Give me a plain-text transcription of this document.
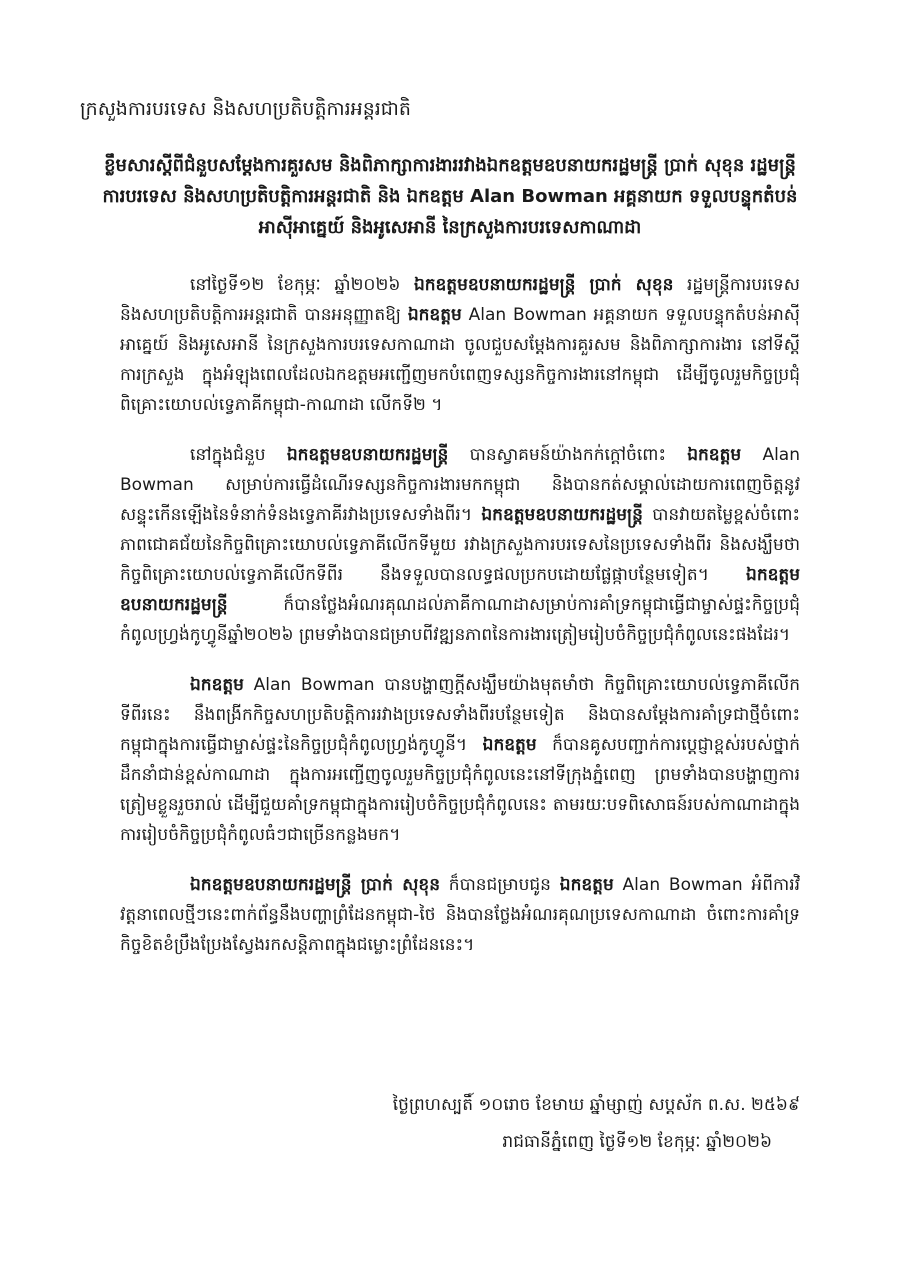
ក្រសួងការបរទេស និងសហប្រតិបត្តិការអន្តរជាតិ

ខ្លឹមសារស្តីពីជំនួបសម្តែងការគួរសម និងពិភាក្សាការងាររវាងឯកឧត្តមឧបនាយករដ្ឋមន្ត្រី ប្រាក់ សុខុន រដ្ឋមន្ត្រីការបរទេស និងសហប្រតិបត្តិការអន្តរជាតិ និង ឯកឧត្តម Alan Bowman អគ្គនាយក ទទួលបន្ទុកតំបន់អាស៊ីអាគ្នេយ៍ និងអូសេអានី នៃក្រសួងការបរទេសកាណាដា

នៅថ្ងៃទី១២ ខែកុម្ភៈ ឆ្នាំ២០២៦ ឯកឧត្តមឧបនាយករដ្ឋមន្ត្រី ប្រាក់ សុខុន រដ្ឋមន្ត្រីការបរទេស និងសហប្រតិបត្តិការអន្តរជាតិ បានអនុញ្ញាតឱ្យ ឯកឧត្តម Alan Bowman អគ្គនាយក ទទួលបន្ទុកតំបន់អាស៊ីអាគ្នេយ៍ និងអូសេអានី នៃក្រសួងការបរទេសកាណាដា ចូលជួបសម្តែងការគួរសម និងពិភាក្សាការងារ នៅទីស្តីការក្រសួង ក្នុងអំឡុងពេលដែលឯកឧត្តមអញ្ជើញមកបំពេញទស្សនកិច្ចការងារនៅកម្ពុជា ដើម្បីចូលរួមកិច្ចប្រជុំពិគ្រោះយោបល់ទ្វេភាគីកម្ពុជា-កាណាដា លើកទី២ ។

នៅក្នុងជំនួប ឯកឧត្តមឧបនាយករដ្ឋមន្ត្រី បានស្វាគមន៍យ៉ាងកក់ក្តៅចំពោះ ឯកឧត្តម Alan Bowman សម្រាប់ការធ្វើដំណើរទស្សនកិច្ចការងារមកកម្ពុជា និងបានកត់សម្គាល់ដោយការពេញចិត្តនូវសន្ទុះកើនឡើងនៃទំនាក់ទំនងទ្វេភាគីរវាងប្រទេសទាំងពីរ។ ឯកឧត្តមឧបនាយករដ្ឋមន្ត្រី បានវាយតម្លៃខ្ពស់ចំពោះភាពជោគជ័យនៃកិច្ចពិគ្រោះយោបល់ទ្វេភាគីលើកទីមួយ រវាងក្រសួងការបរទេសនៃប្រទេសទាំងពីរ និងសង្ឃឹមថា កិច្ចពិគ្រោះយោបល់ទ្វេភាគីលើកទីពីរ នឹងទទួលបានលទ្ធផលប្រកបដោយផ្លែផ្កាបន្ថែមទៀត។ ឯកឧត្តមឧបនាយករដ្ឋមន្ត្រី ក៏បានថ្លែងអំណរគុណដល់ភាគីកាណាដាសម្រាប់ការគាំទ្រកម្ពុជាធ្វើជាម្ចាស់ផ្ទះកិច្ចប្រជុំកំពូលហ្វ្រង់កូហ្វូនីឆ្នាំ២០២៦ ព្រមទាំងបានជម្រាបពីវឌ្ឍនភាពនៃការងារត្រៀមរៀបចំកិច្ចប្រជុំកំពូលនេះផងដែរ។

ឯកឧត្តម Alan Bowman បានបង្ហាញក្តីសង្ឃឹមយ៉ាងមុតមាំថា កិច្ចពិគ្រោះយោបល់ទ្វេភាគីលើកទីពីរនេះ នឹងពង្រីកកិច្ចសហប្រតិបត្តិការរវាងប្រទេសទាំងពីរបន្ថែមទៀត និងបានសម្តែងការគាំទ្រជាថ្មីចំពោះកម្ពុជាក្នុងការធ្វើជាម្ចាស់ផ្ទះនៃកិច្ចប្រជុំកំពូលហ្វ្រង់កូហ្វូនី។ ឯកឧត្តម ក៏បានគូសបញ្ជាក់ការប្តេជ្ញាខ្ពស់របស់ថ្នាក់ដឹកនាំជាន់ខ្ពស់កាណាដា ក្នុងការអញ្ជើញចូលរួមកិច្ចប្រជុំកំពូលនេះនៅទីក្រុងភ្នំពេញ ព្រមទាំងបានបង្ហាញការត្រៀមខ្លួនរួចរាល់ ដើម្បីជួយគាំទ្រកម្ពុជាក្នុងការរៀបចំកិច្ចប្រជុំកំពូលនេះ តាមរយៈបទពិសោធន៍របស់កាណាដាក្នុងការរៀបចំកិច្ចប្រជុំកំពូលធំៗជាច្រើនកន្លងមក។

ឯកឧត្តមឧបនាយករដ្ឋមន្ត្រី ប្រាក់ សុខុន ក៏បានជម្រាបជូន ឯកឧត្តម Alan Bowman អំពីការវិវត្តនាពេលថ្មីៗនេះពាក់ព័ន្ធនឹងបញ្ហាព្រំដែនកម្ពុជា-ថៃ និងបានថ្លែងអំណរគុណប្រទេសកាណាដា ចំពោះការគាំទ្រកិច្ចខិតខំប្រឹងប្រែងស្វែងរកសន្តិភាពក្នុងជម្លោះព្រំដែននេះ។

ថ្ងៃព្រហស្បតិ៍ ១០រោច ខែមាឃ ឆ្នាំម្សាញ់ សប្តស័ក ព.ស. ២៥៦៩

រាជធានីភ្នំពេញ ថ្ងៃទី១២ ខែកុម្ភៈ ឆ្នាំ២០២៦
